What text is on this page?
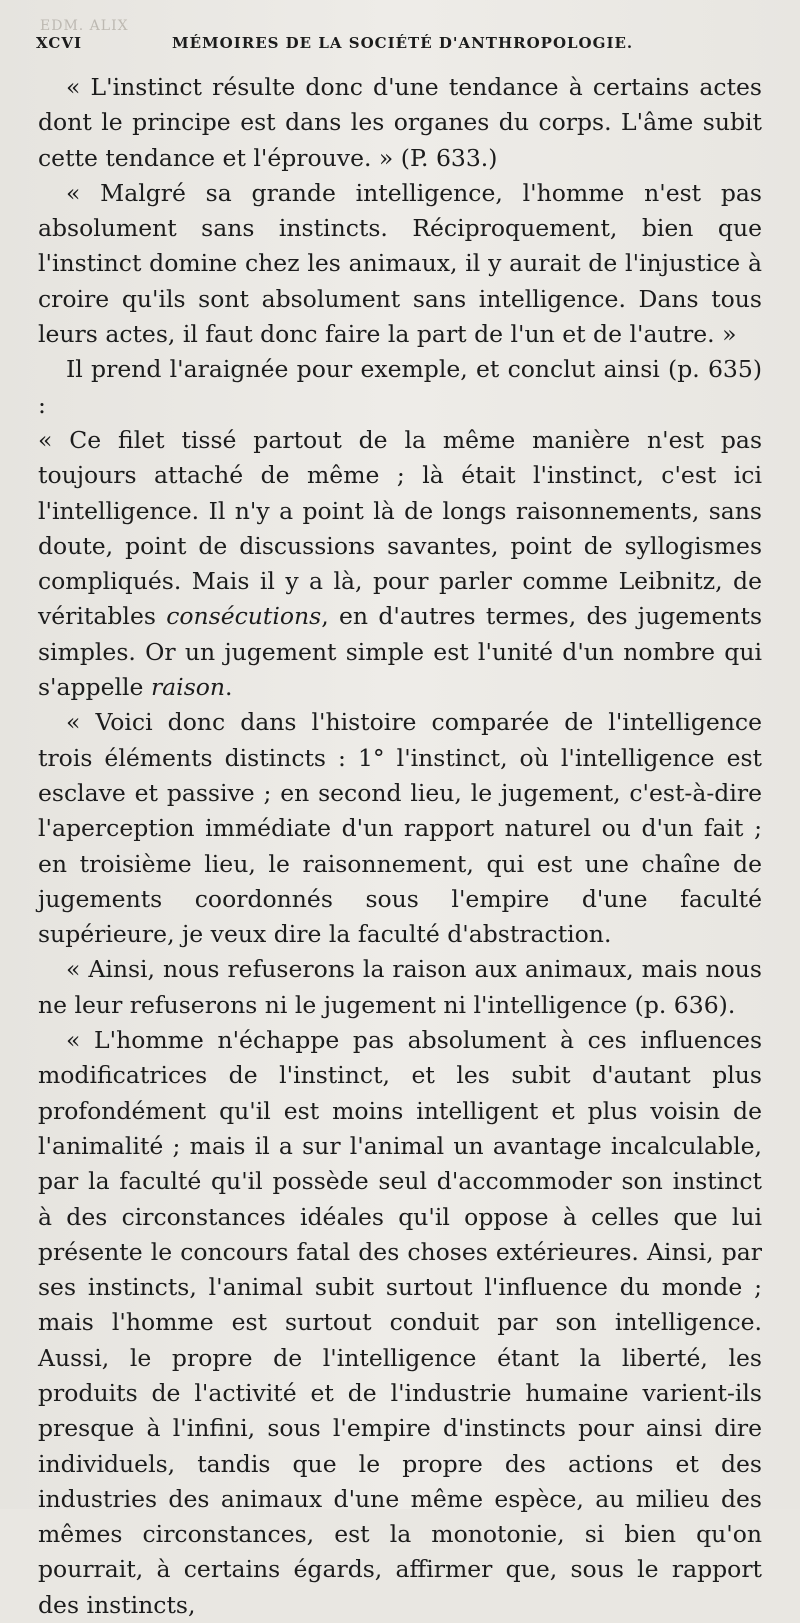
EDM. ALIX
XCVI	MÉMOIRES DE LA SOCIÉTÉ D'ANTHROPOLOGIE.

« L'instinct résulte donc d'une tendance à certains actes dont le principe est dans les organes du corps. L'âme subit cette tendance et l'éprouve. » (P. 633.)

« Malgré sa grande intelligence, l'homme n'est pas absolument sans instincts. Réciproquement, bien que l'instinct domine chez les animaux, il y aurait de l'injustice à croire qu'ils sont absolument sans intelligence. Dans tous leurs actes, il faut donc faire la part de l'un et de l'autre. »

Il prend l'araignée pour exemple, et conclut ainsi (p. 635) :

« Ce filet tissé partout de la même manière n'est pas toujours attaché de même ; là était l'instinct, c'est ici l'intelligence. Il n'y a point là de longs raisonnements, sans doute, point de discussions savantes, point de syllogismes compliqués. Mais il y a là, pour parler comme Leibnitz, de véritables consécutions, en d'autres termes, des jugements simples. Or un jugement simple est l'unité d'un nombre qui s'appelle raison.

« Voici donc dans l'histoire comparée de l'intelligence trois éléments distincts : 1° l'instinct, où l'intelligence est esclave et passive ; en second lieu, le jugement, c'est-à-dire l'aperception immédiate d'un rapport naturel ou d'un fait ; en troisième lieu, le raisonnement, qui est une chaîne de jugements coordonnés sous l'empire d'une faculté supérieure, je veux dire la faculté d'abstraction.

« Ainsi, nous refuserons la raison aux animaux, mais nous ne leur refuserons ni le jugement ni l'intelligence (p. 636).

« L'homme n'échappe pas absolument à ces influences modificatrices de l'instinct, et les subit d'autant plus profondément qu'il est moins intelligent et plus voisin de l'animalité ; mais il a sur l'animal un avantage incalculable, par la faculté qu'il possède seul d'accommoder son instinct à des circonstances idéales qu'il oppose à celles que lui présente le concours fatal des choses extérieures. Ainsi, par ses instincts, l'animal subit surtout l'influence du monde ; mais l'homme est surtout conduit par son intelligence. Aussi, le propre de l'intelligence étant la liberté, les produits de l'activité et de l'industrie humaine varient-ils presque à l'infini, sous l'empire d'instincts pour ainsi dire individuels, tandis que le propre des actions et des industries des animaux d'une même espèce, au milieu des mêmes circonstances, est la monotonie, si bien qu'on pourrait, à certains égards, affirmer que, sous le rapport des instincts,
